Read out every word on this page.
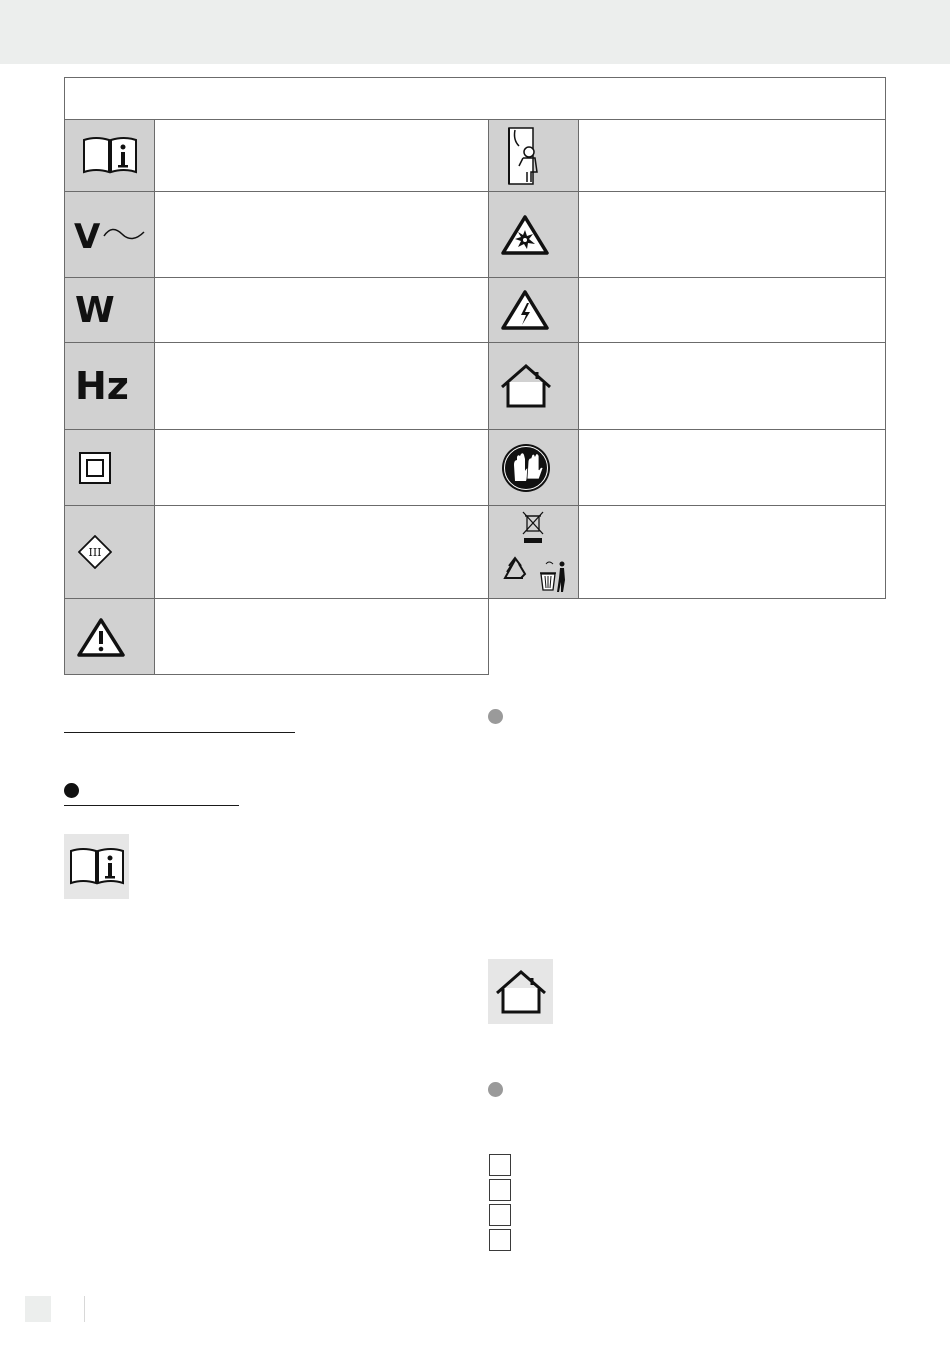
V
W
Hz
III
